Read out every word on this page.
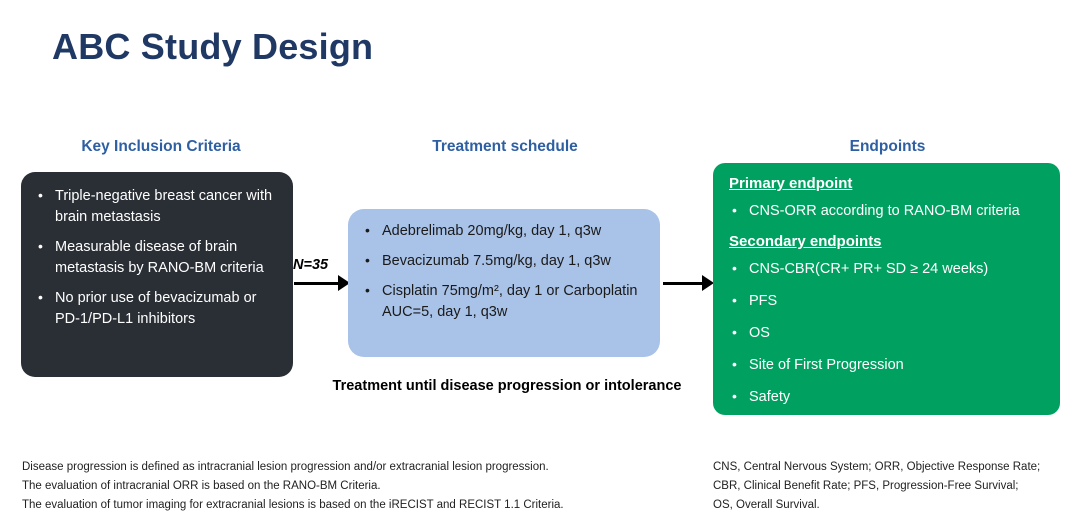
ABC Study Design
Key Inclusion Criteria	Treatment schedule	Endpoints
• Triple-negative breast cancer with brain metastasis
• Measurable disease of brain metastasis by RANO-BM criteria
• No prior use of bevacizumab or PD-1/PD-L1 inhibitors
N=35
• Adebrelimab 20mg/kg, day 1, q3w
• Bevacizumab 7.5mg/kg, day 1, q3w
• Cisplatin 75mg/m², day 1 or Carboplatin AUC=5, day 1, q3w
Treatment until disease progression or intolerance
Primary endpoint
• CNS-ORR according to RANO-BM criteria
Secondary endpoints
• CNS-CBR(CR+ PR+ SD ≥ 24 weeks)
• PFS
• OS
• Site of First Progression
• Safety
Disease progression is defined as intracranial lesion progression and/or extracranial lesion progression.
The evaluation of intracranial ORR is based on the RANO-BM Criteria.
The evaluation of tumor imaging for extracranial lesions is based on the iRECIST and RECIST 1.1 Criteria.
CNS, Central Nervous System; ORR, Objective Response Rate;
CBR, Clinical Benefit Rate; PFS, Progression-Free Survival;
OS, Overall Survival.
